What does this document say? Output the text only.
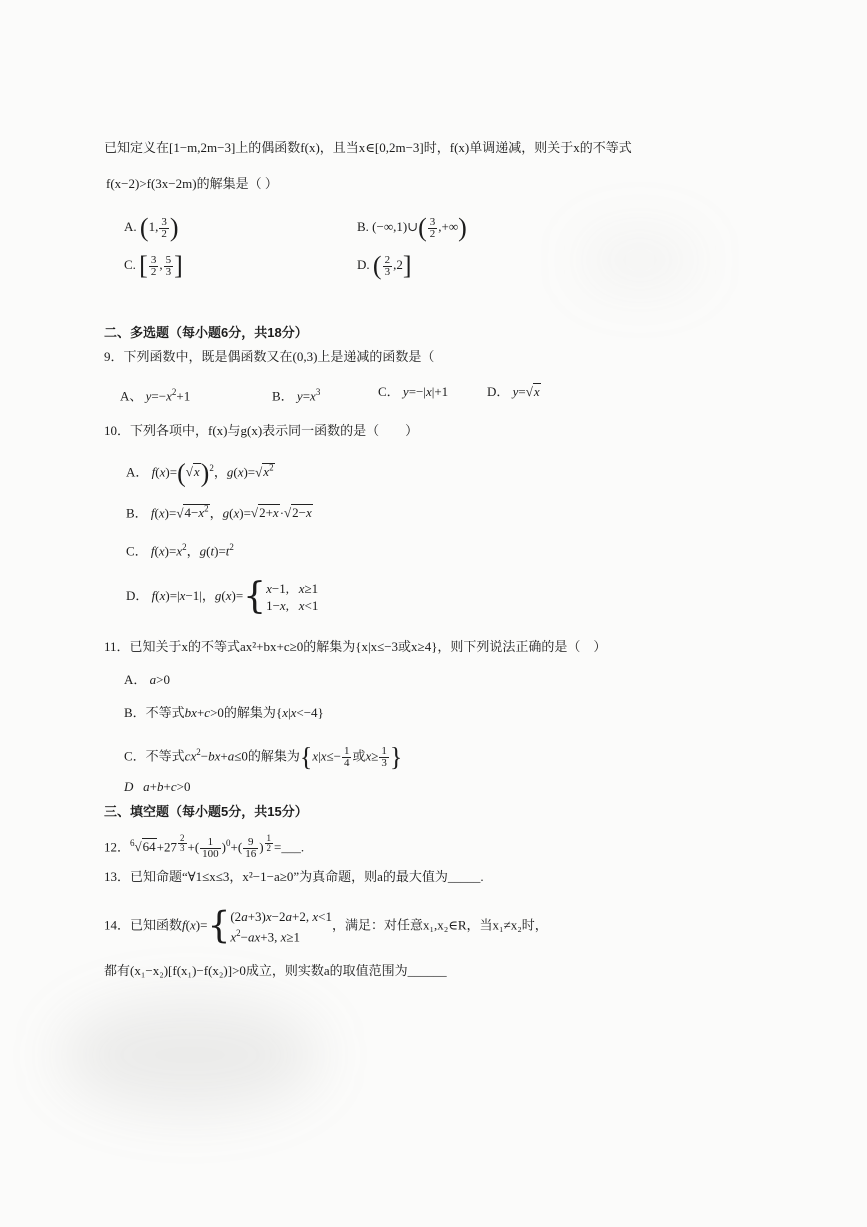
已知定义在[1−m,2m−3]上的偶函数f(x)，且当x∈[0,2m−3]时，f(x)单调递减，则关于x的不等式
f(x−2)>f(3x−2m)的解集是（ ）
A. (1, $\frac{3}{2}$ )	B. (−∞,1)∪( $\frac{3}{2}$ ,+∞)
C. [ $\frac{3}{2}$ , $\frac{5}{3}$ ]	D. ( $\frac{2}{3} ,2$]
二、多选题（每小题6分，共18分）
9．下列函数中，既是偶函数又在(0,3)上是递减的函数是（
A、 $y=-x^2+1$	B． $y=x^3$	C． y=−|x|+1	D． y=√x
10．下列各项中，f(x)与g(x)表示同一函数的是（　　）
A． $f(x)=(√x)^2$，$g(x)=√x^2$
B． $f(x)=√4-x^2$，g(x)=√2+x·√2−x
C． $f(x)=x^2$，$g(t)=t^2$
D． f(x)=|x−1|，g(x)={x−1,   x≥1
1−x,   x<1
11．已知关于x的不等式ax²+bx+c≥0的解集为{x|x≤−3或x≥4}，则下列说法正确的是（　）
A． a>0
B．不等式bx+c>0的解集为{x|x<−4}
C．不等式$cx^2-bx+a\le 0$的解集为{$x|x\le- \frac{1}{4}$ 或$x\ge \frac{1}{3}$ }
D a+b+c>0
三、填空题（每小题5分，共15分）
12．$^6$√64+27 $^{\frac{2}{3}}$ +( $\frac{1}{100} )^0+( \frac{9}{16}$ ) $^{\frac{1}{2}}$ =___.
13．已知命题“∀1≤x≤3，x²−1−a≥0”为真命题，则a的最大值为_____.
14．已知函数f(x)={(2a+3)x−2a+2, x<1
$x^2-ax+3$, x≥1，满足：对任意x₁,x₂∈R，当x₁≠x₂时，
都有(x₁−x₂)[f(x₁)−f(x₂)]>0成立，则实数a的取值范围为______
